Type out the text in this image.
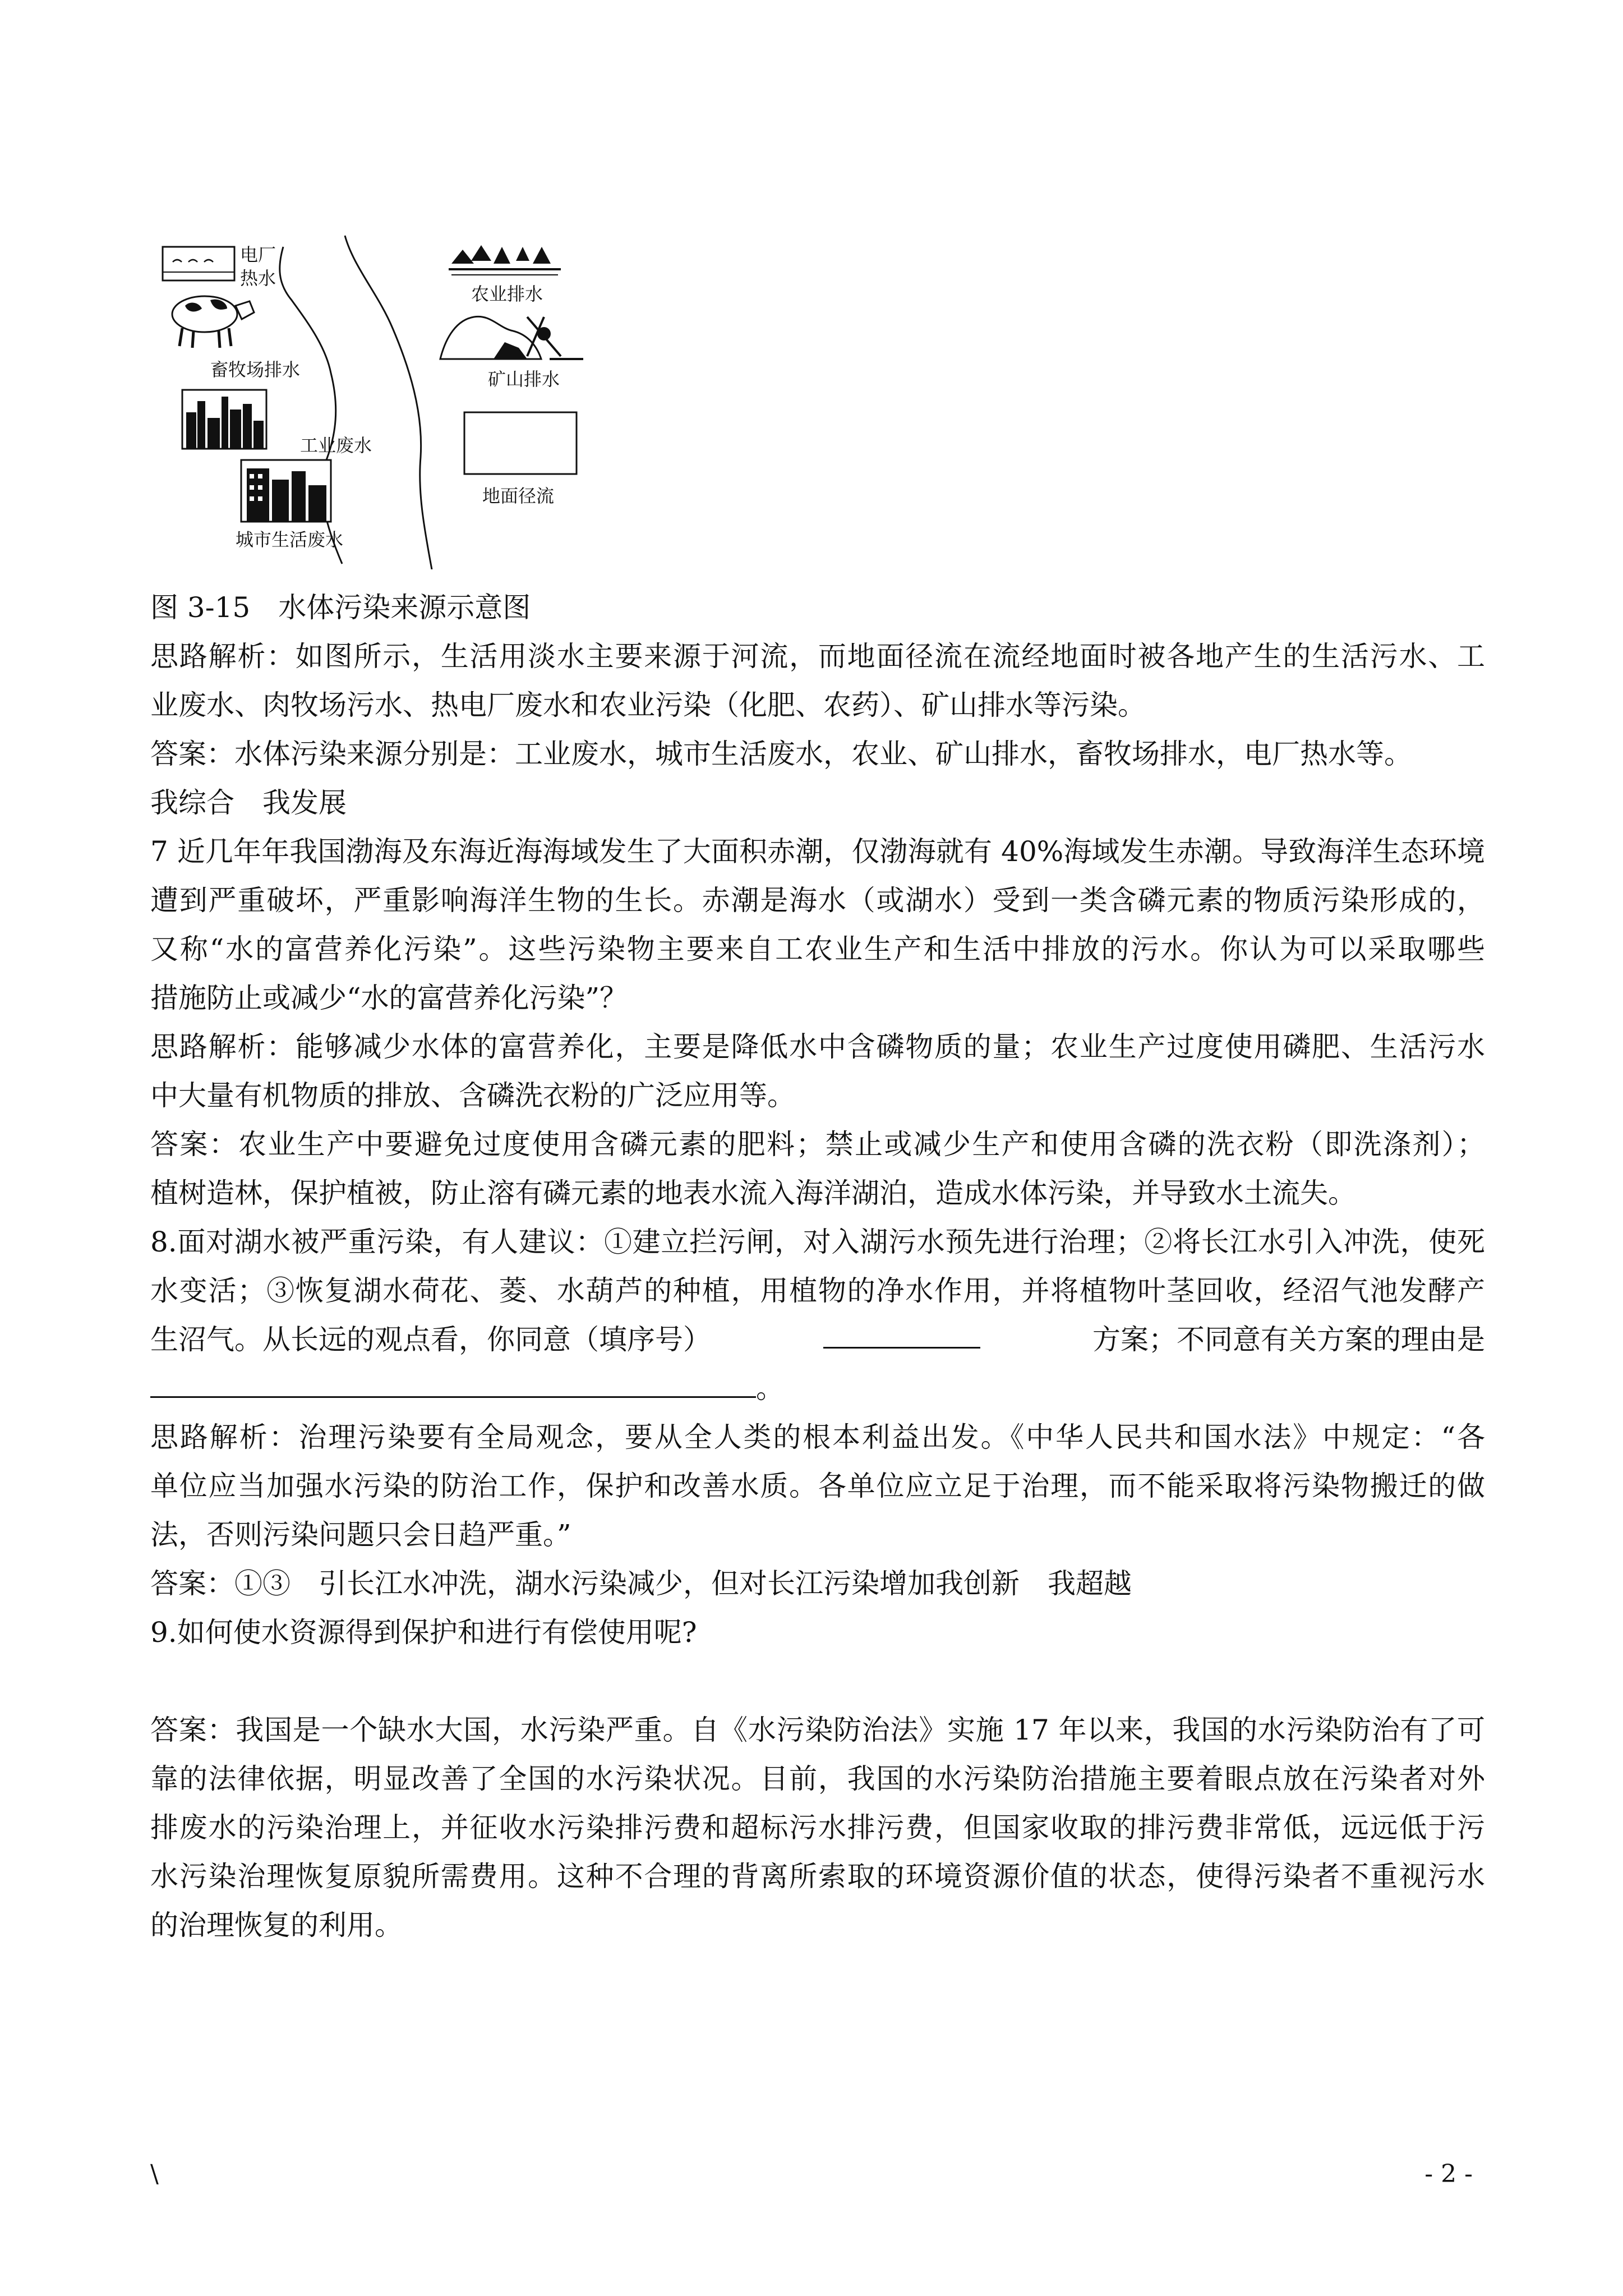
电厂
热水
畜牧场排水
工业废水
城市生活废水
农业排水
矿山排水
地面径流
图 3-15　水体污染来源示意图
思路解析：如图所示，生活用淡水主要来源于河流，而地面径流在流经地面时被各地产生的生活污水、工
业废水、肉牧场污水、热电厂废水和农业污染（化肥、农药）、矿山排水等污染。
答案：水体污染来源分别是：工业废水，城市生活废水，农业、矿山排水，畜牧场排水，电厂热水等。
我综合　我发展
7 近几年年我国渤海及东海近海海域发生了大面积赤潮，仅渤海就有 40%海域发生赤潮。导致海洋生态环境
遭到严重破坏，严重影响海洋生物的生长。赤潮是海水（或湖水）受到一类含磷元素的物质污染形成的，
又称“水的富营养化污染”。这些污染物主要来自工农业生产和生活中排放的污水。你认为可以采取哪些
措施防止或减少“水的富营养化污染”？
思路解析：能够减少水体的富营养化，主要是降低水中含磷物质的量；农业生产过度使用磷肥、生活污水
中大量有机物质的排放、含磷洗衣粉的广泛应用等。
答案：农业生产中要避免过度使用含磷元素的肥料；禁止或减少生产和使用含磷的洗衣粉（即洗涤剂）；
植树造林，保护植被，防止溶有磷元素的地表水流入海洋湖泊，造成水体污染，并导致水土流失。
8.面对湖水被严重污染，有人建议：①建立拦污闸，对入湖污水预先进行治理；②将长江水引入冲洗，使死
水变活；③恢复湖水荷花、菱、水葫芦的种植，用植物的净水作用，并将植物叶茎回收，经沼气池发酵产
生沼气。从长远的观点看，你同意（填序号）	方案；不同意有关方案的理由是
。
思路解析：治理污染要有全局观念，要从全人类的根本利益出发。《中华人民共和国水法》中规定：“各
单位应当加强水污染的防治工作，保护和改善水质。各单位应立足于治理，而不能采取将污染物搬迁的做
法，否则污染问题只会日趋严重。”
答案：①③　引长江水冲洗，湖水污染减少，但对长江污染增加我创新　我超越
9.如何使水资源得到保护和进行有偿使用呢?
答案：我国是一个缺水大国，水污染严重。自《水污染防治法》实施 17 年以来，我国的水污染防治有了可
靠的法律依据，明显改善了全国的水污染状况。目前，我国的水污染防治措施主要着眼点放在污染者对外
排废水的污染治理上，并征收水污染排污费和超标污水排污费，但国家收取的排污费非常低，远远低于污
水污染治理恢复原貌所需费用。这种不合理的背离所索取的环境资源价值的状态，使得污染者不重视污水
的治理恢复的利用。
\	- 2 -
